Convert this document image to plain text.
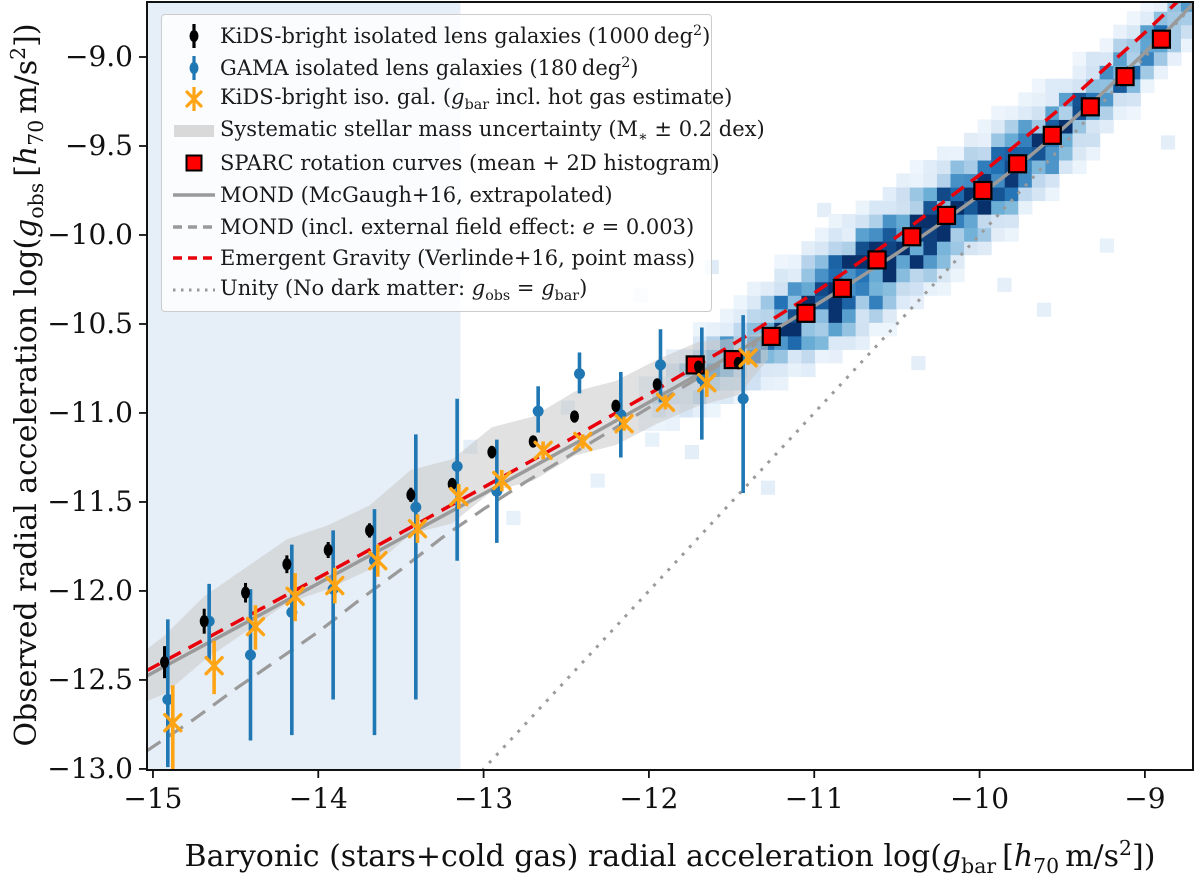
−15	−14	−13	−12	−11	−10	−9
−9.0
−9.5
−10.0
−10.5
−11.0
−11.5
−12.0
−12.5
−13.0
KiDS-bright isolated lens galaxies (1000 deg$^2$)
GAMA isolated lens galaxies (180 deg$^2$)
KiDS-bright iso. gal. ($g_{bar}$ incl. hot gas estimate)
Systematic stellar mass uncertainty ($M_∗ \pm 0.2$ dex)
SPARC rotation curves (mean + 2D histogram)
MOND (McGaugh+16, extrapolated)
MOND (incl. external field effect: e = 0.003)
Emergent Gravity (Verlinde+16, point mass)
Unity (No dark matter: $g_{obs} = g_{bar}$)
Baryonic (stars+cold gas) radial acceleration $\log(g_{bar}$ [$h_{70}$ $m/s^2$])
Observed radial acceleration $\log(g_{obs}$ [$h_{70}$ $m/s^2$])
